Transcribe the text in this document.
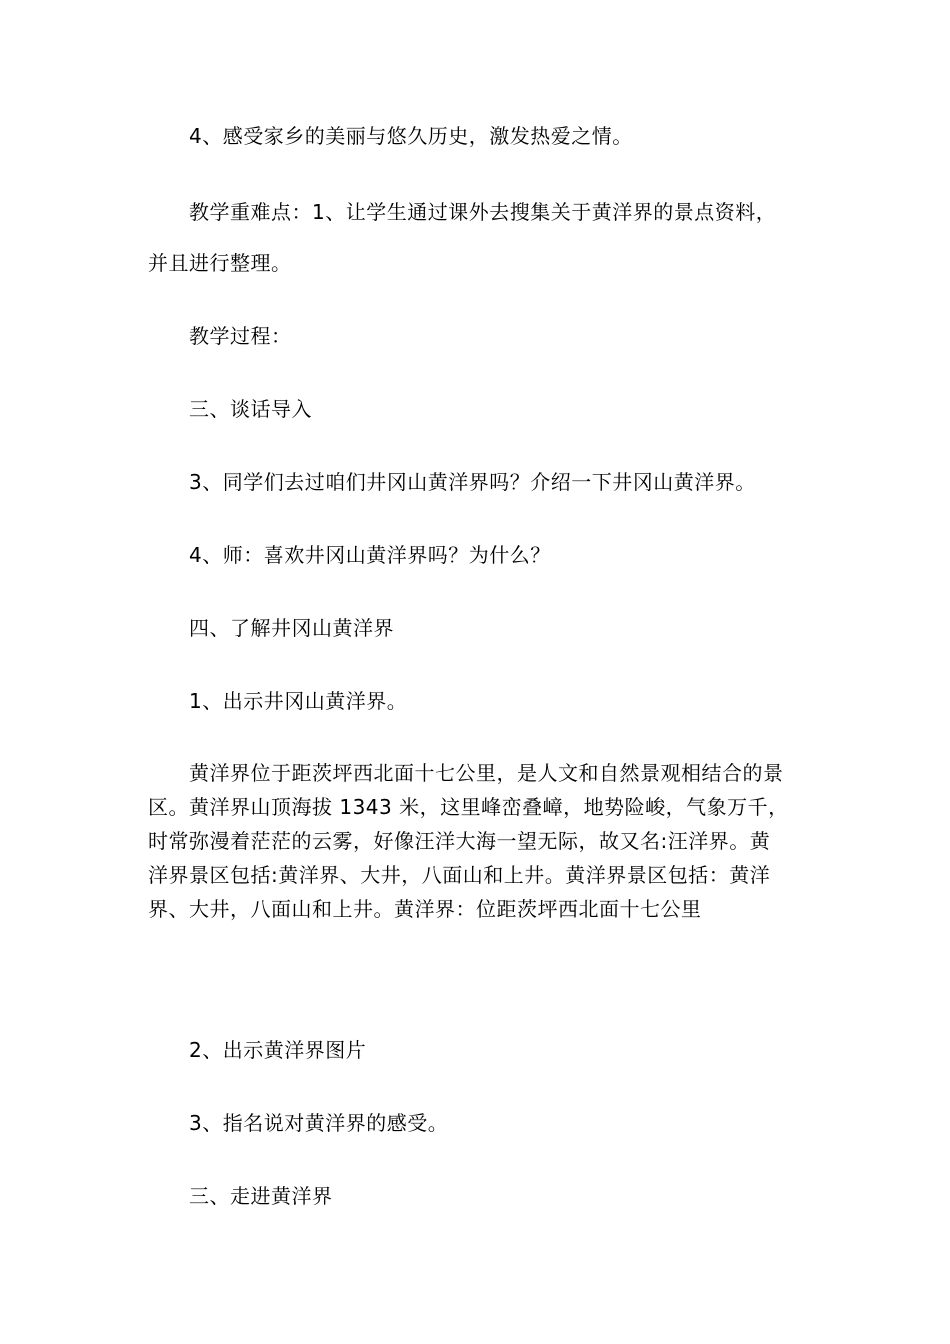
4、感受家乡的美丽与悠久历史，激发热爱之情。
教学重难点：1、让学生通过课外去搜集关于黄洋界的景点资料，
并且进行整理。
教学过程：
三、谈话导入
3、同学们去过咱们井冈山黄洋界吗？介绍一下井冈山黄洋界。
4、师：喜欢井冈山黄洋界吗？为什么？
四、了解井冈山黄洋界
1、出示井冈山黄洋界。
黄洋界位于距茨坪西北面十七公里，是人文和自然景观相结合的景
区。黄洋界山顶海拔 1343 米，这里峰峦叠嶂，地势险峻，气象万千，
时常弥漫着茫茫的云雾，好像汪洋大海一望无际，故又名:汪洋界。黄
洋界景区包括:黄洋界、大井，八面山和上井。黄洋界景区包括：黄洋
界、大井，八面山和上井。黄洋界：位距茨坪西北面十七公里
2、出示黄洋界图片
3、指名说对黄洋界的感受。
三、走进黄洋界
